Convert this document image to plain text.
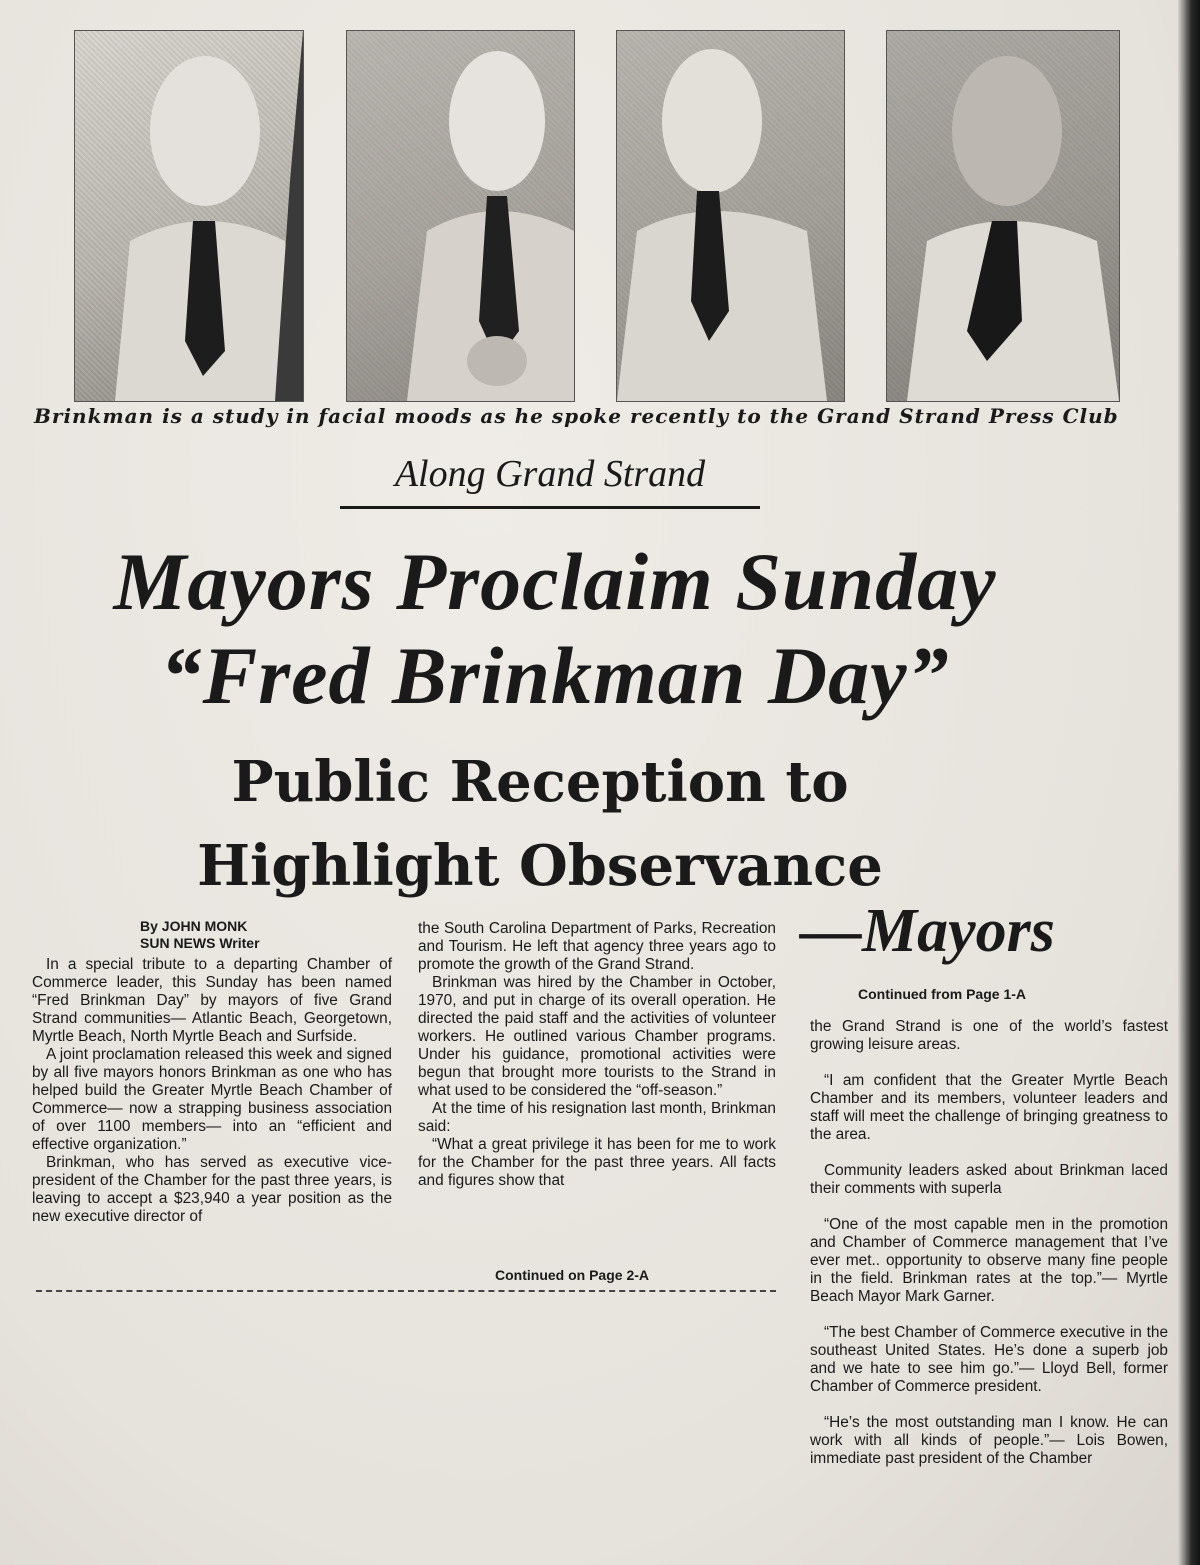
Brinkman is a study in facial moods as he spoke recently to the Grand Strand Press Club
Along Grand Strand
Mayors Proclaim Sunday
“Fred Brinkman Day”
Public Reception to
Highlight Observance
By JOHN MONK
SUN NEWS Writer

In a special tribute to a departing Chamber of Commerce leader, this Sunday has been named “Fred Brinkman Day” by mayors of five Grand Strand communities— Atlantic Beach, Georgetown, Myrtle Beach, North Myrtle Beach and Surfside.

A joint proclamation released this week and signed by all five mayors honors Brinkman as one who has helped build the Greater Myrtle Beach Chamber of Commerce— now a strapping business association of over 1100 members— into an “efficient and effective organization.”

Brinkman, who has served as executive vice-president of the Chamber for the past three years, is leaving to accept a $23,940 a year position as the new executive director of

the South Carolina Department of Parks, Recreation and Tourism. He left that agency three years ago to promote the growth of the Grand Strand.

Brinkman was hired by the Chamber in October, 1970, and put in charge of its overall operation. He directed the paid staff and the activities of volunteer workers. He outlined various Chamber programs. Under his guidance, promotional activities were begun that brought more tourists to the Strand in what used to be considered the “off-season.”

At the time of his resignation last month, Brinkman said:

“What a great privilege it has been for me to work for the Chamber for the past three years. All facts and figures show that

Continued on Page 2-A
—Mayors
Continued from Page 1-A

the Grand Strand is one of the world’s fastest growing leisure areas.

“I am confident that the Greater Myrtle Beach Chamber and its members, volunteer leaders and staff will meet the challenge of bringing greatness to the area.

Community leaders asked about Brinkman laced their comments with superla

“One of the most capable men in the promotion and Chamber of Commerce management that I’ve ever met.. opportunity to observe many fine people in the field. Brinkman rates at the top.”— Myrtle Beach Mayor Mark Garner.

“The best Chamber of Commerce executive in the southeast United States. He’s done a superb job and we hate to see him go.”— Lloyd Bell, former Chamber of Commerce president.

“He’s the most outstanding man I know. He can work with all kinds of people.”— Lois Bowen, immediate past president of the Chamber
